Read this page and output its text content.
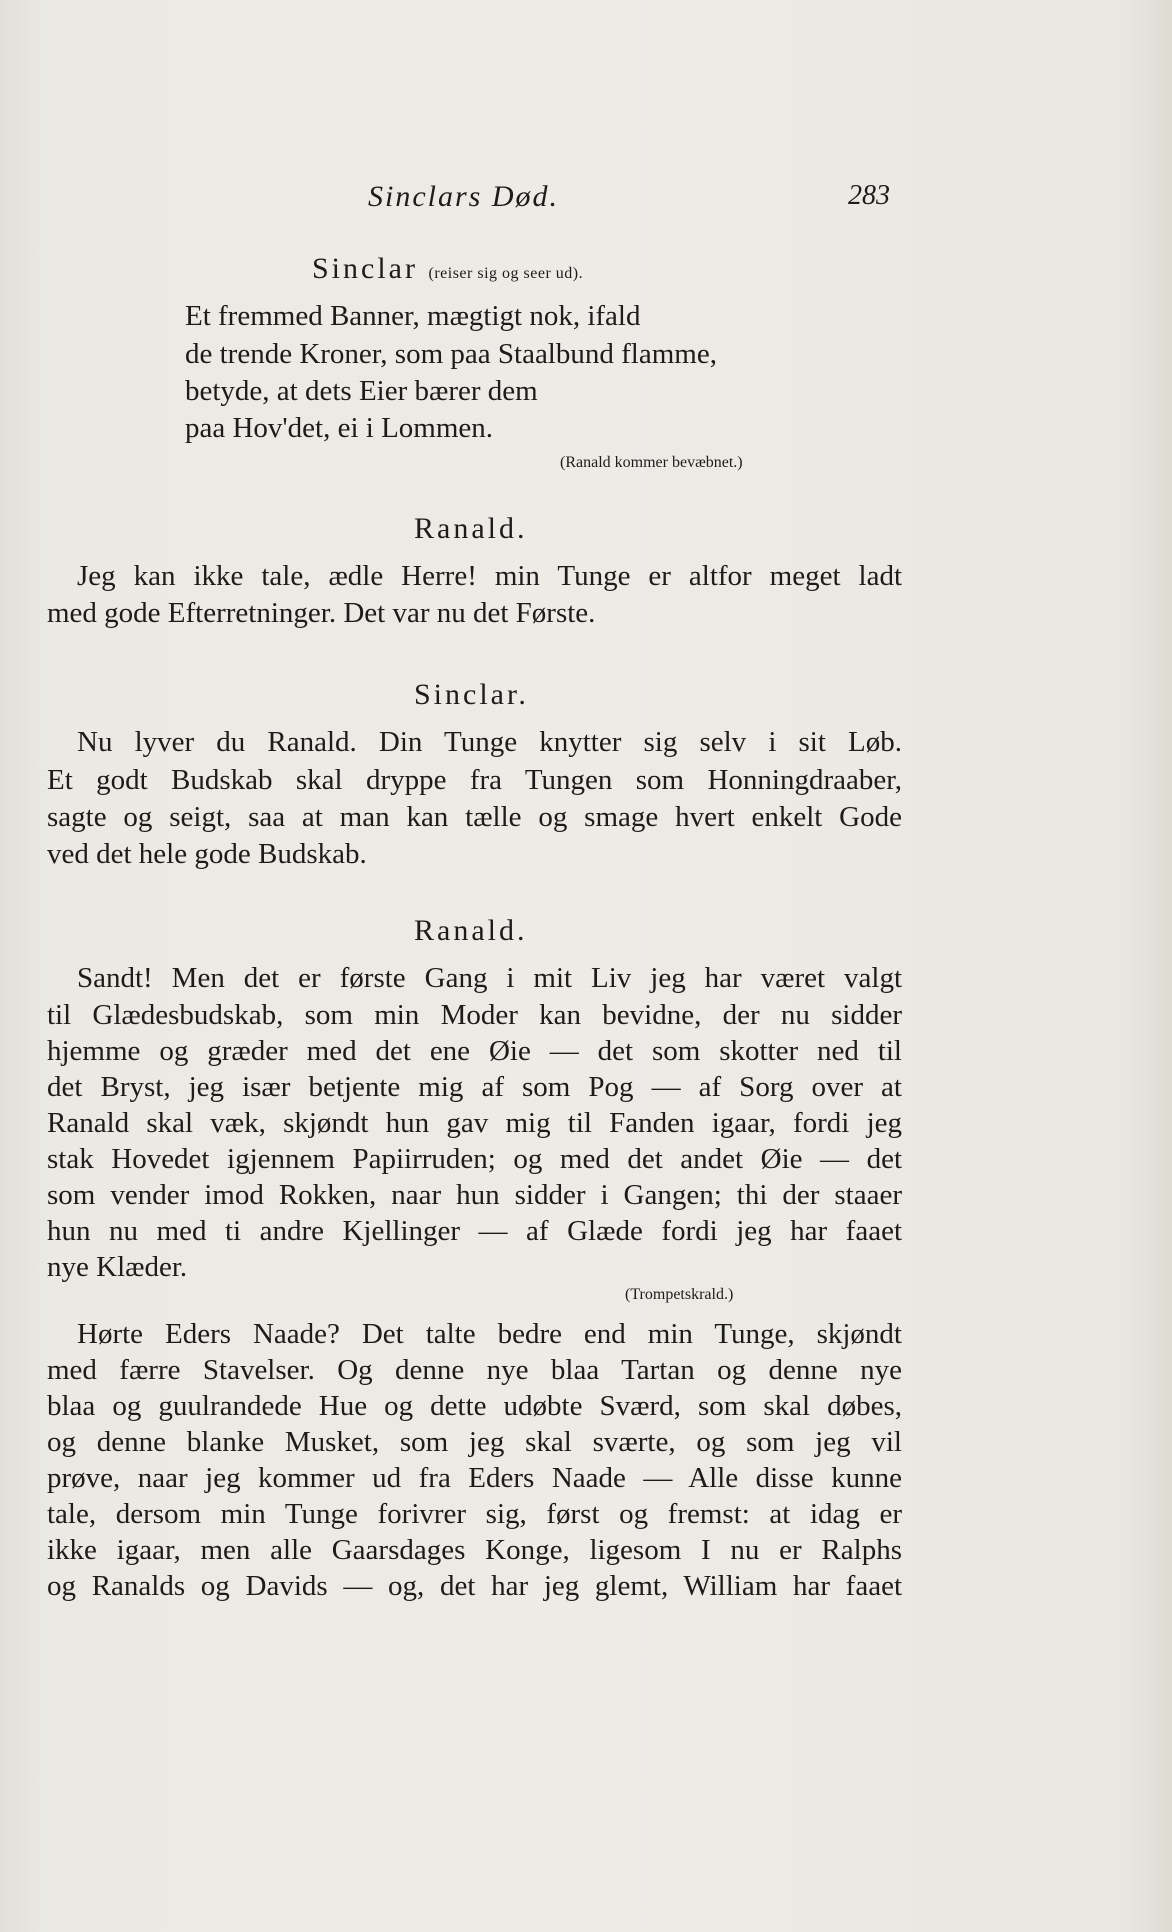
Sinclars Død.	283
Sinclar (reiser sig og seer ud).
Et fremmed Banner, mægtigt nok, ifald
de trende Kroner, som paa Staalbund flamme,
betyde, at dets Eier bærer dem
paa Hov'det, ei i Lommen.
(Ranald kommer bevæbnet.)
Ranald.
Jeg kan ikke tale, ædle Herre! min Tunge er altfor meget ladt
med gode Efterretninger. Det var nu det Første.
Sinclar.
Nu lyver du Ranald. Din Tunge knytter sig selv i sit Løb.
Et godt Budskab skal dryppe fra Tungen som Honningdraaber,
sagte og seigt, saa at man kan tælle og smage hvert enkelt Gode
ved det hele gode Budskab.
Ranald.
Sandt! Men det er første Gang i mit Liv jeg har været valgt
til Glædesbudskab, som min Moder kan bevidne, der nu sidder
hjemme og græder med det ene Øie — det som skotter ned til
det Bryst, jeg især betjente mig af som Pog — af Sorg over at
Ranald skal væk, skjøndt hun gav mig til Fanden igaar, fordi jeg
stak Hovedet igjennem Papiirruden; og med det andet Øie — det
som vender imod Rokken, naar hun sidder i Gangen; thi der staaer
hun nu med ti andre Kjellinger — af Glæde fordi jeg har faaet
nye Klæder.
(Trompetskrald.)
Hørte Eders Naade? Det talte bedre end min Tunge, skjøndt
med færre Stavelser. Og denne nye blaa Tartan og denne nye
blaa og guulrandede Hue og dette udøbte Sværd, som skal døbes,
og denne blanke Musket, som jeg skal sværte, og som jeg vil
prøve, naar jeg kommer ud fra Eders Naade — Alle disse kunne
tale, dersom min Tunge forivrer sig, først og fremst: at idag er
ikke igaar, men alle Gaarsdages Konge, ligesom I nu er Ralphs
og Ranalds og Davids — og, det har jeg glemt, William har faaet
